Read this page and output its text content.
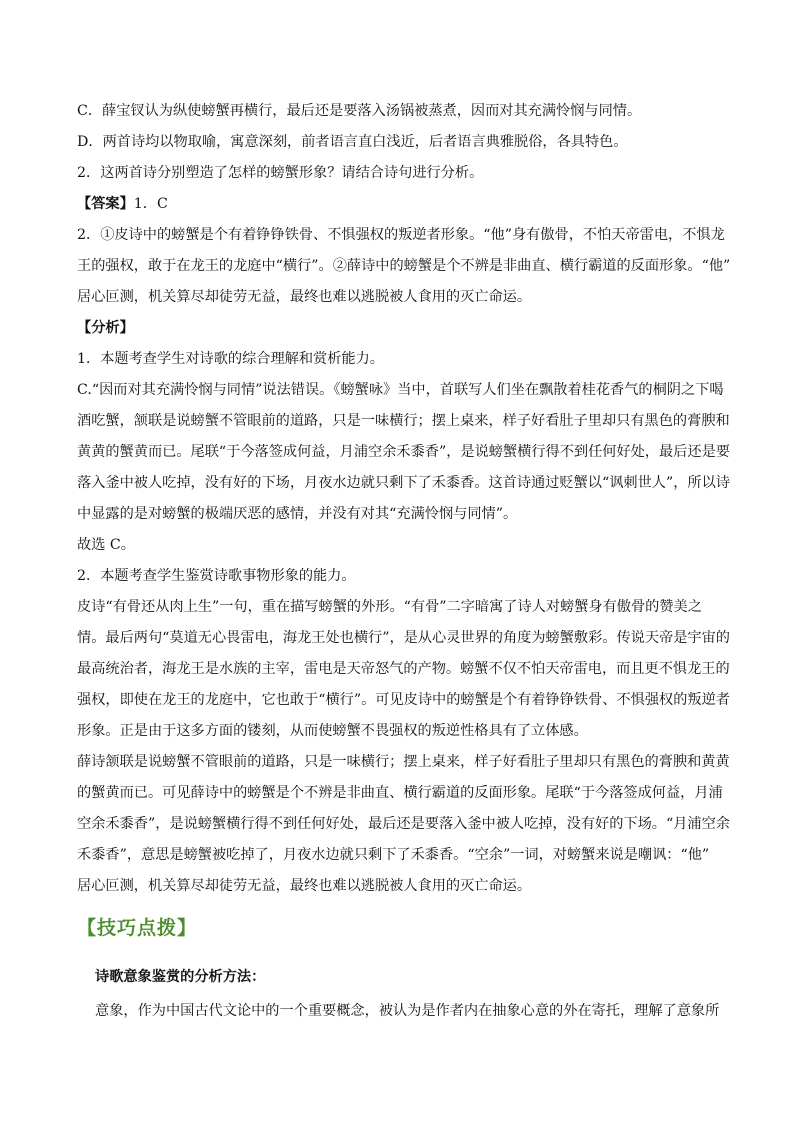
C．薛宝钗认为纵使螃蟹再横行，最后还是要落入汤锅被蒸煮，因而对其充满怜悯与同情。
D．两首诗均以物取喻，寓意深刻，前者语言直白浅近，后者语言典雅脱俗，各具特色。
2．这两首诗分别塑造了怎样的螃蟹形象？请结合诗句进行分析。
【答案】1．C
2．①皮诗中的螃蟹是个有着铮铮铁骨、不惧强权的叛逆者形象。“他”身有傲骨，不怕天帝雷电，不惧龙
王的强权，敢于在龙王的龙庭中“横行”。②薛诗中的螃蟹是个不辨是非曲直、横行霸道的反面形象。“他”
居心叵测，机关算尽却徒劳无益，最终也难以逃脱被人食用的灭亡命运。
【分析】
1．本题考查学生对诗歌的综合理解和赏析能力。
C.“因而对其充满怜悯与同情”说法错误。《螃蟹咏》当中，首联写人们坐在飘散着桂花香气的桐阴之下喝
酒吃蟹，颔联是说螃蟹不管眼前的道路，只是一味横行；摆上桌来，样子好看肚子里却只有黑色的膏腴和
黄黄的蟹黄而已。尾联“于今落签成何益，月浦空余禾黍香”，是说螃蟹横行得不到任何好处，最后还是要
落入釜中被人吃掉，没有好的下场，月夜水边就只剩下了禾黍香。这首诗通过贬蟹以“讽刺世人”，所以诗
中显露的是对螃蟹的极端厌恶的感情，并没有对其“充满怜悯与同情”。
故选 C。
2．本题考查学生鉴赏诗歌事物形象的能力。
皮诗“有骨还从肉上生”一句，重在描写螃蟹的外形。“有骨”二字暗寓了诗人对螃蟹身有傲骨的赞美之
情。最后两句“莫道无心畏雷电，海龙王处也横行”，是从心灵世界的角度为螃蟹敷彩。传说天帝是宇宙的
最高统治者，海龙王是水族的主宰，雷电是天帝怒气的产物。螃蟹不仅不怕天帝雷电，而且更不惧龙王的
强权，即使在龙王的龙庭中，它也敢于“横行”。可见皮诗中的螃蟹是个有着铮铮铁骨、不惧强权的叛逆者
形象。正是由于这多方面的镂刻，从而使螃蟹不畏强权的叛逆性格具有了立体感。
薛诗颔联是说螃蟹不管眼前的道路，只是一味横行；摆上桌来，样子好看肚子里却只有黑色的膏腴和黄黄
的蟹黄而已。可见薛诗中的螃蟹是个不辨是非曲直、横行霸道的反面形象。尾联“于今落签成何益，月浦
空余禾黍香”，是说螃蟹横行得不到任何好处，最后还是要落入釜中被人吃掉，没有好的下场。“月浦空余
禾黍香”，意思是螃蟹被吃掉了，月夜水边就只剩下了禾黍香。“空余”一词，对螃蟹来说是嘲讽：“他”
居心叵测，机关算尽却徒劳无益，最终也难以逃脱被人食用的灭亡命运。
【技巧点拨】
诗歌意象鉴赏的分析方法：
意象，作为中国古代文论中的一个重要概念，被认为是作者内在抽象心意的外在寄托，理解了意象所
